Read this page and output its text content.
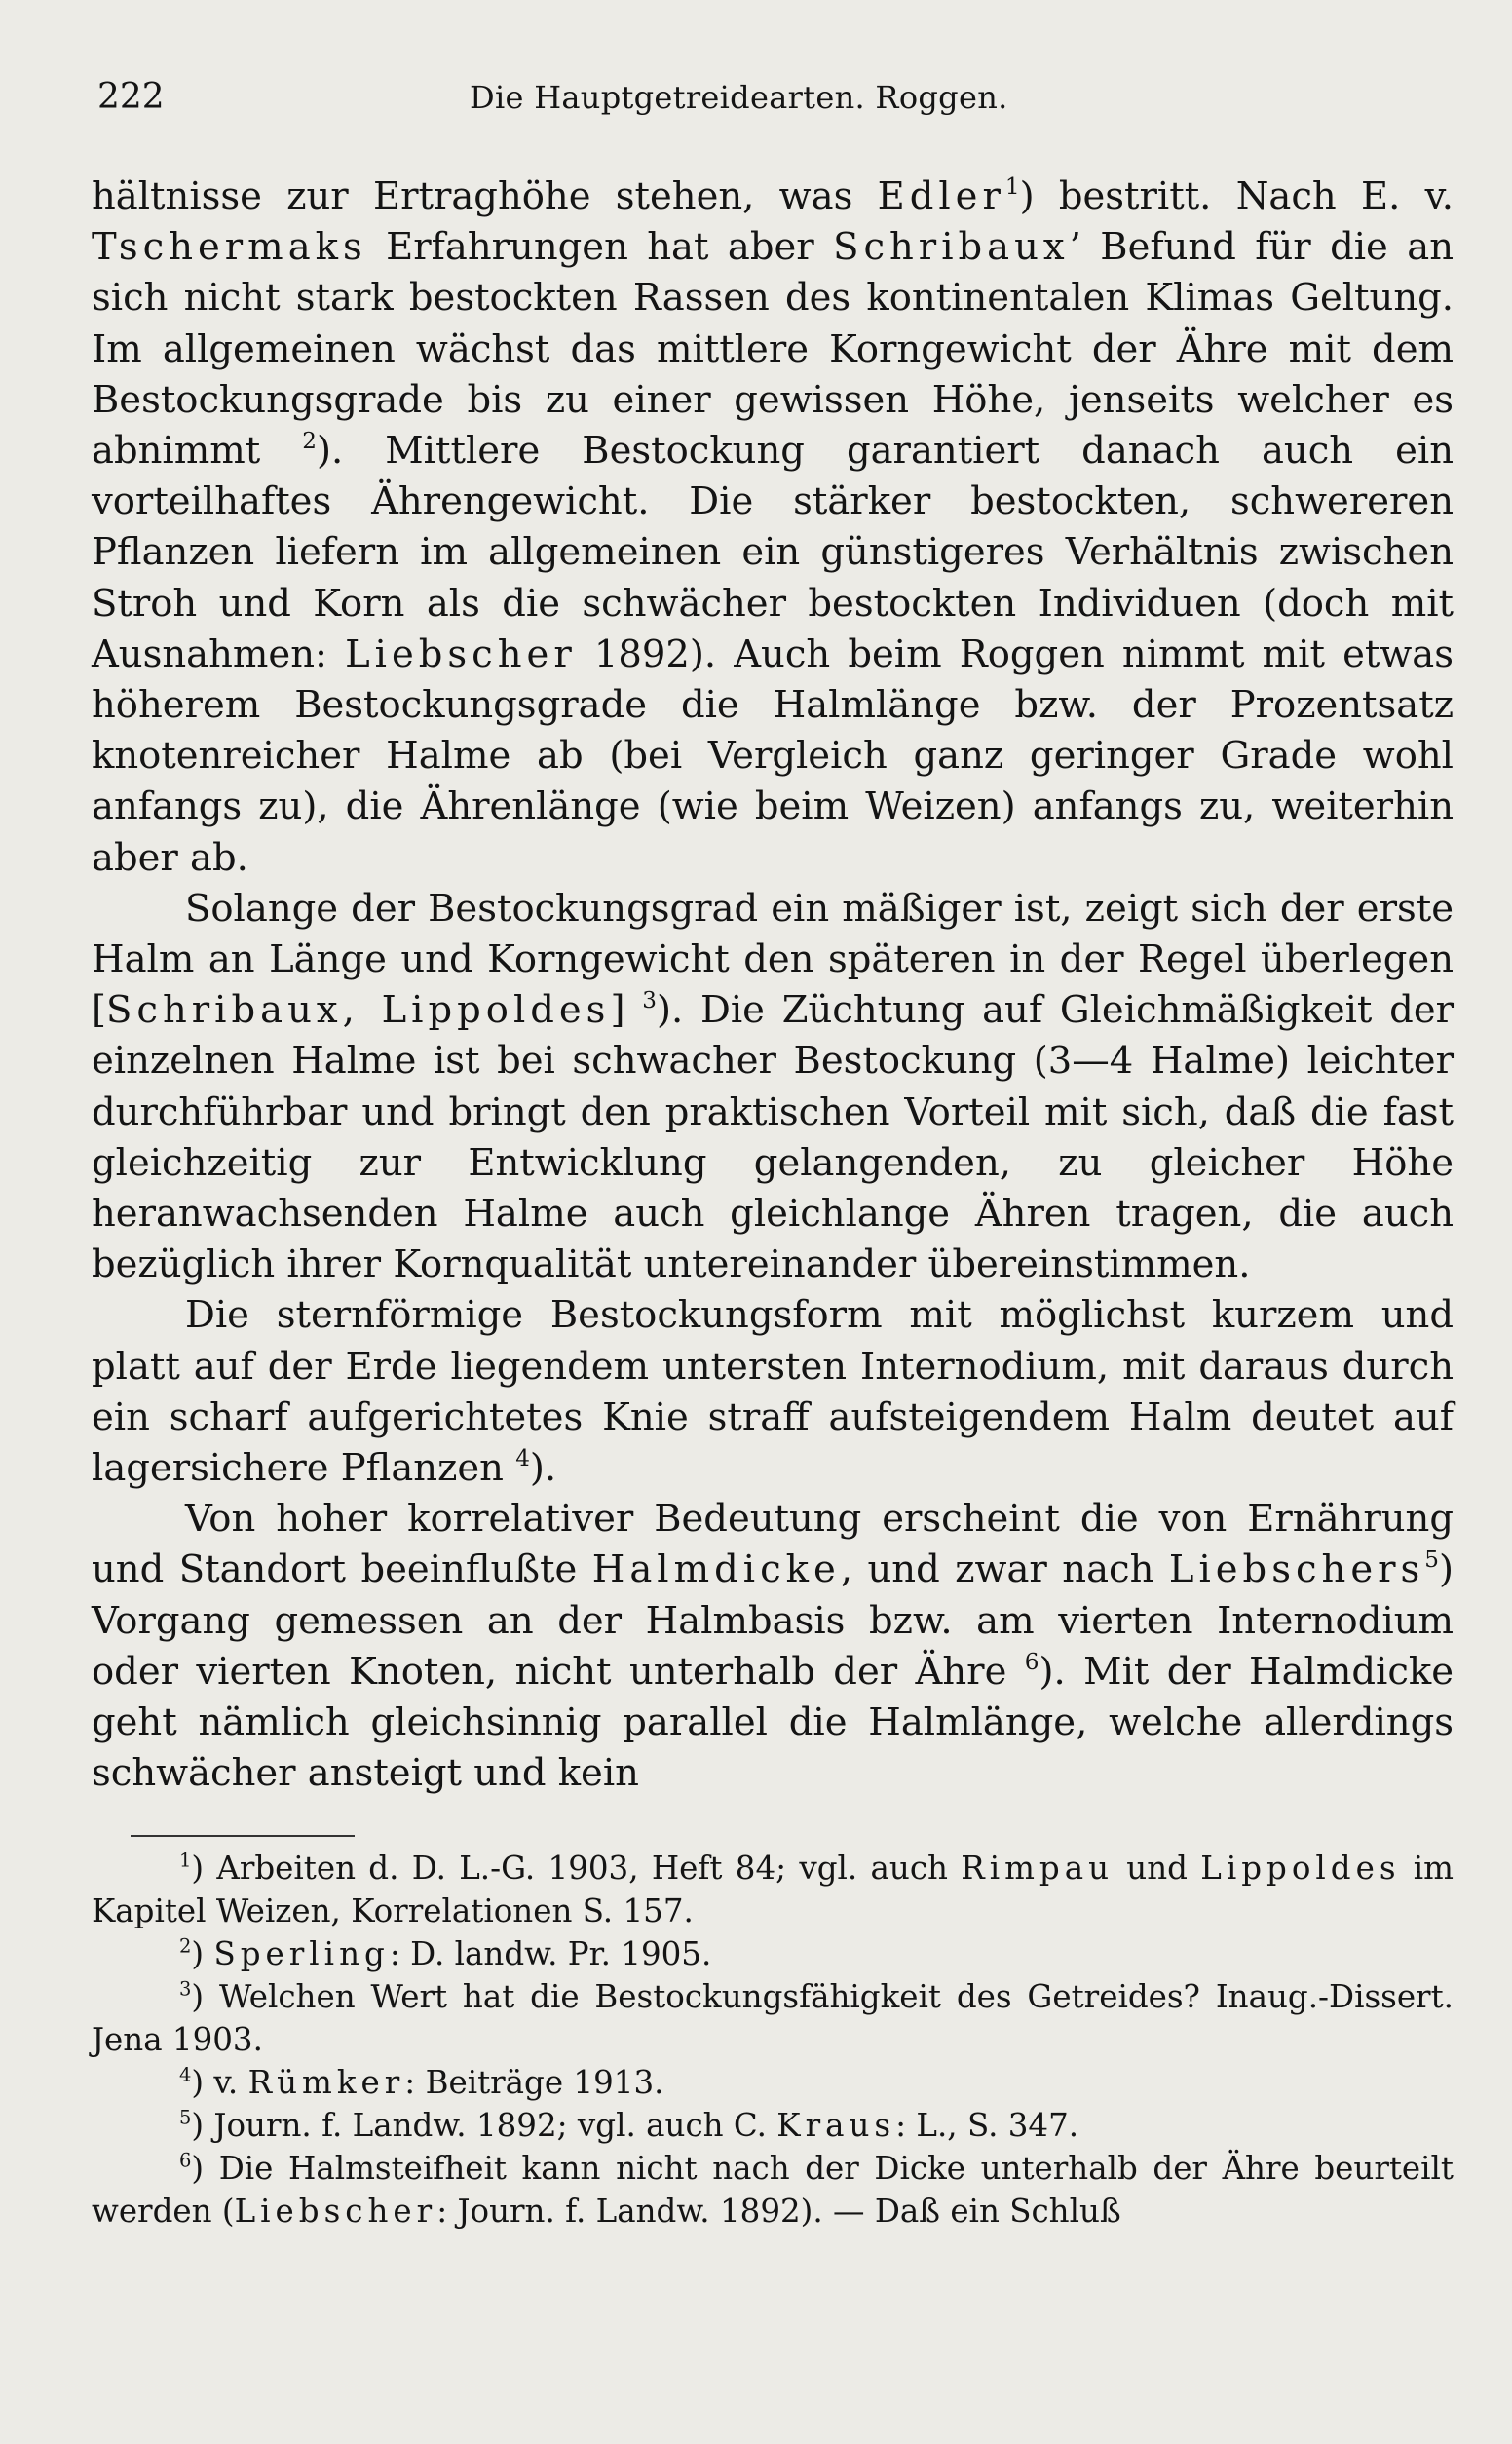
222	Die Hauptgetreidearten. Roggen.

hältnisse zur Ertraghöhe stehen, was Edler$^1$) bestritt. Nach E. v. Tschermaks Erfahrungen hat aber Schribaux’ Befund für die an sich nicht stark bestockten Rassen des kontinentalen Klimas Geltung. Im allgemeinen wächst das mittlere Korngewicht der Ähre mit dem Bestockungsgrade bis zu einer gewissen Höhe, jenseits welcher es abnimmt $^2$). Mittlere Bestockung garantiert danach auch ein vorteilhaftes Ährengewicht. Die stärker bestockten, schwereren Pflanzen liefern im allgemeinen ein günstigeres Verhältnis zwischen Stroh und Korn als die schwächer bestockten Individuen (doch mit Ausnahmen: Liebscher 1892). Auch beim Roggen nimmt mit etwas höherem Bestockungsgrade die Halmlänge bzw. der Prozentsatz knotenreicher Halme ab (bei Vergleich ganz geringer Grade wohl anfangs zu), die Ährenlänge (wie beim Weizen) anfangs zu, weiterhin aber ab.

Solange der Bestockungsgrad ein mäßiger ist, zeigt sich der erste Halm an Länge und Korngewicht den späteren in der Regel überlegen [Schribaux, Lippoldes] $^3$). Die Züchtung auf Gleichmäßigkeit der einzelnen Halme ist bei schwacher Bestockung (3—4 Halme) leichter durchführbar und bringt den praktischen Vorteil mit sich, daß die fast gleichzeitig zur Entwicklung gelangenden, zu gleicher Höhe heranwachsenden Halme auch gleichlange Ähren tragen, die auch bezüglich ihrer Kornqualität untereinander übereinstimmen.

Die sternförmige Bestockungsform mit möglichst kurzem und platt auf der Erde liegendem untersten Internodium, mit daraus durch ein scharf aufgerichtetes Knie straff aufsteigendem Halm deutet auf lagersichere Pflanzen $^4$).

Von hoher korrelativer Bedeutung erscheint die von Ernährung und Standort beeinflußte Halmdicke, und zwar nach Liebschers$^5$) Vorgang gemessen an der Halmbasis bzw. am vierten Internodium oder vierten Knoten, nicht unterhalb der Ähre $^6$). Mit der Halmdicke geht nämlich gleichsinnig parallel die Halmlänge, welche allerdings schwächer ansteigt und kein

$^1$) Arbeiten d. D. L.-G. 1903, Heft 84; vgl. auch Rimpau und Lippoldes im Kapitel Weizen, Korrelationen S. 157.

$^2$) Sperling: D. landw. Pr. 1905.

$^3$) Welchen Wert hat die Bestockungsfähigkeit des Getreides? Inaug.-Dissert. Jena 1903.

$^4$) v. Rümker: Beiträge 1913.

$^5$) Journ. f. Landw. 1892; vgl. auch C. Kraus: L., S. 347.

$^6$) Die Halmsteifheit kann nicht nach der Dicke unterhalb der Ähre beurteilt werden (Liebscher: Journ. f. Landw. 1892). — Daß ein Schluß
